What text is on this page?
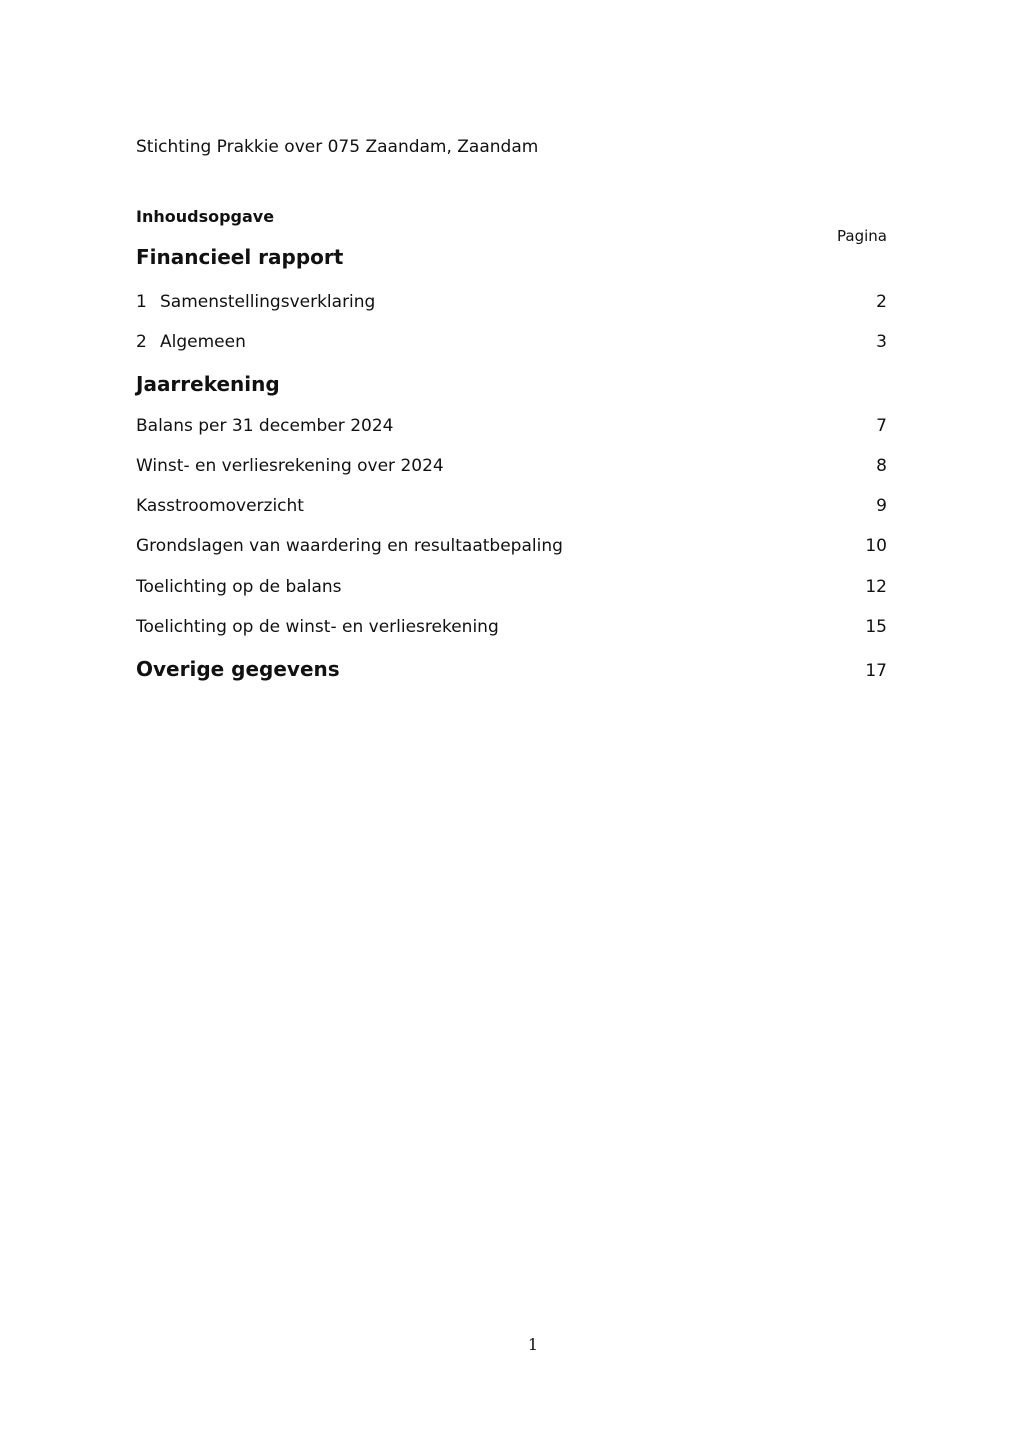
Stichting Prakkie over 075 Zaandam, Zaandam
Inhoudsopgave
Pagina
Financieel rapport
1 Samenstellingsverklaring	2
2 Algemeen	3
Jaarrekening
Balans per 31 december 2024	7
Winst- en verliesrekening over 2024	8
Kasstroomoverzicht	9
Grondslagen van waardering en resultaatbepaling	10
Toelichting op de balans	12
Toelichting op de winst- en verliesrekening	15
Overige gegevens	17
1
